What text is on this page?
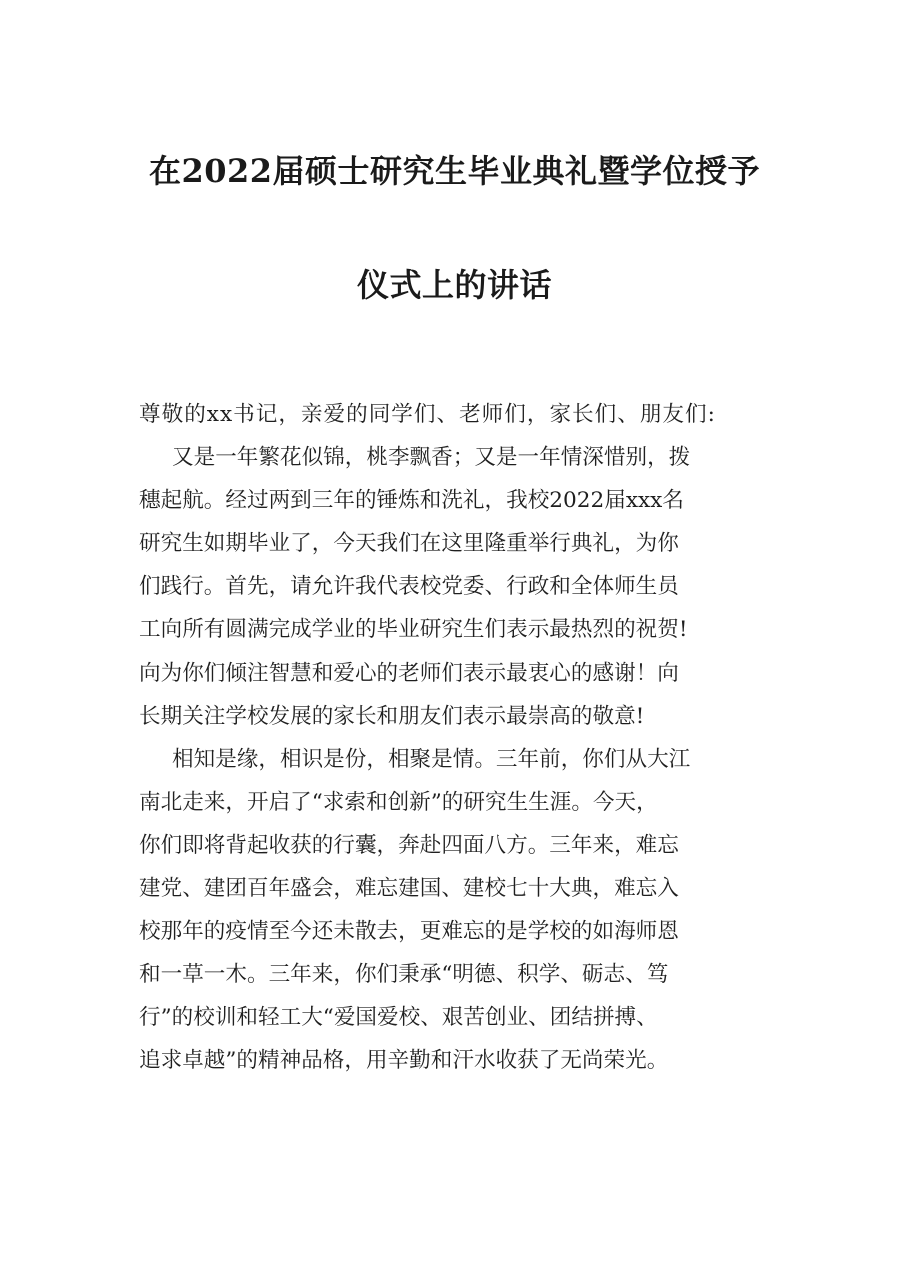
在2022届硕士研究生毕业典礼暨学位授予
仪式上的讲话
尊敬的xx书记，亲爱的同学们、老师们，家长们、朋友们:
又是一年繁花似锦，桃李飘香；又是一年情深惜别，拨
穗起航。经过两到三年的锤炼和洗礼，我校2022届xxx名
研究生如期毕业了，今天我们在这里隆重举行典礼，为你
们践行。首先，请允许我代表校党委、行政和全体师生员
工向所有圆满完成学业的毕业研究生们表示最热烈的祝贺!
向为你们倾注智慧和爱心的老师们表示最衷心的感谢！向
长期关注学校发展的家长和朋友们表示最崇高的敬意!
相知是缘，相识是份，相聚是情。三年前，你们从大江
南北走来，开启了“求索和创新”的研究生生涯。今天，
你们即将背起收获的行囊，奔赴四面八方。三年来，难忘
建党、建团百年盛会，难忘建国、建校七十大典，难忘入
校那年的疫情至今还未散去，更难忘的是学校的如海师恩
和一草一木。三年来，你们秉承“明德、积学、砺志、笃
行”的校训和轻工大“爱国爱校、艰苦创业、团结拼搏、
追求卓越”的精神品格，用辛勤和汗水收获了无尚荣光。
